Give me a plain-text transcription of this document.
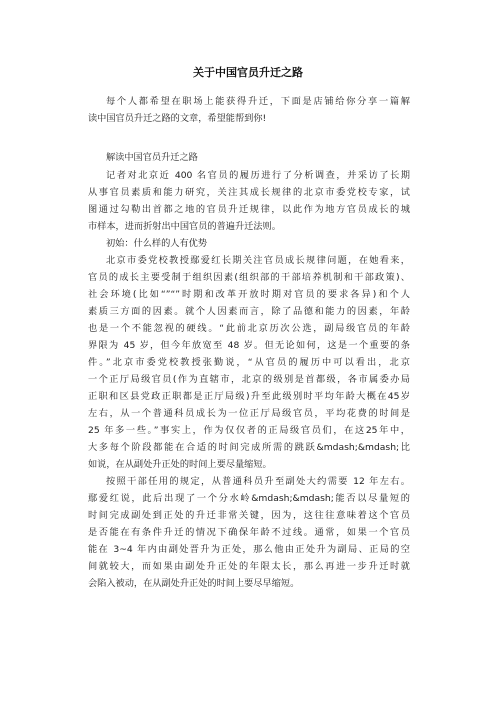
关于中国官员升迁之路
每个人都希望在职场上能获得升迁，下面是店铺给你分享一篇解
读中国官员升迁之路的文章，希望能帮到你!
解读中国官员升迁之路
记者对北京近 400 名官员的履历进行了分析调查，并采访了长期
从事官员素质和能力研究，关注其成长规律的北京市委党校专家，试
图通过勾勒出首都之地的官员升迁规律，以此作为地方官员成长的城
市样本，进而折射出中国官员的普遍升迁法则。
初始：什么样的人有优势
北京市委党校教授鄢爱红长期关注官员成长规律问题，在她看来，
官员的成长主要受制于组织因素(组织部的干部培养机制和干部政策)、
社会环境(比如“”“”时期和改革开放时期对官员的要求各异)和个人
素质三方面的因素。就个人因素而言，除了品德和能力的因素，年龄
也是一个不能忽视的硬线。“此前北京历次公选，副局级官员的年龄
界限为 45 岁，但今年放宽至 48 岁。但无论如何，这是一个重要的条
件。”北京市委党校教授张勤说，“从官员的履历中可以看出，北京
一个正厅局级官员(作为直辖市，北京的级别是首都级，各市属委办局
正职和区县党政正职都是正厅局级)升至此级别时平均年龄大概在45岁
左右，从一个普通科员成长为一位正厅局级官员，平均花费的时间是
25 年多一些。”事实上，作为仅仅者的正局级官员们，在这25年中，
大多每个阶段都能在合适的时间完成所需的跳跃&mdash;&mdash;比
如说，在从副处升正处的时间上要尽量缩短。
按照干部任用的规定，从普通科员升至副处大约需要 12 年左右。
鄢爱红说，此后出现了一个分水岭&mdash;&mdash;能否以尽量短的
时间完成副处到正处的升迁非常关键，因为，这往往意味着这个官员
是否能在有条件升迁的情况下确保年龄不过线。通常，如果一个官员
能在 3~4 年内由副处晋升为正处，那么他由正处升为副局、正局的空
间就较大，而如果由副处升正处的年限太长，那么再进一步升迁时就
会陷入被动，在从副处升正处的时间上要尽早缩短。
